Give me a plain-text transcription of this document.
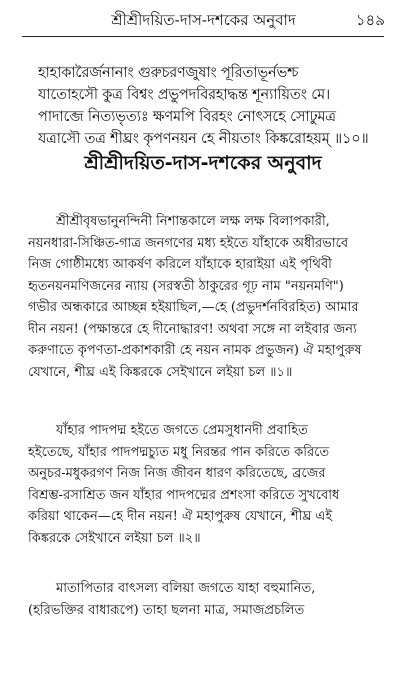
শ্রীশ্রীদয়িত-দাস-দশকের অনুবাদ	১৪৯
হাহাকারৈর্জনানাং গুরুচরণজুষাং পূরিতাভূর্নভশ্চ
যাতোহসৌ কুত্র বিশ্বং প্রভুপদবিরহাদ্ধন্ত শূন্যায়িতং মে।
পাদাব্জে নিত্যভৃত্যঃ ক্ষণমপি বিরহং নোৎসহে সোঢুমত্র
যত্রাসৌ তত্র শীঘ্রং কৃপণনয়ন হে নীয়তাং কিঙ্করোহয়ম্‌ ॥১০॥
শ্রীশ্রীদয়িত-দাস-দশকের অনুবাদ
শ্রীশ্রীবৃষভানুনন্দিনী নিশান্তকালে লক্ষ লক্ষ বিলাপকারী,
নয়নধারা-সিঞ্চিত-গাত্র জনগণের মধ্য হইতে যাঁহাকে অধীরভাবে
নিজ গোষ্ঠীমধ্যে আকর্ষণ করিলে যাঁহাকে হারাইয়া এই পৃথিবী
হৃতনয়নমণিজনের ন্যায় (সরস্বতী ঠাকুরের গূঢ় নাম "নয়নমণি")
গভীর অন্ধকারে আচ্ছন্ন হইয়াছিল,—হে (প্রভুদর্শনবিরহিত) আমার
দীন নয়ন! (পক্ষান্তরে হে দীনোদ্ধারণ! অথবা সঙ্গে না লইবার জন্য
করুণাতে কৃপণতা-প্রকাশকারী হে নয়ন নামক প্রভুজন) ঐ মহাপুরুষ
যেখানে, শীঘ্র এই কিঙ্করকে সেইখানে লইয়া চল ॥১॥
যাঁহার পাদপদ্ম হইতে জগতে প্রেমসুধানদী প্রবাহিত
হইতেছে, যাঁহার পাদপদ্মচ্যুত মধু নিরন্তর পান করিতে করিতে
অনুচর-মধুকরগণ নিজ নিজ জীবন ধারণ করিতেছে, ব্রজের
বিশ্রম্ভ-রসাশ্রিত জন যাঁহার পাদপদ্মের প্রশংসা করিতে সুখবোধ
করিয়া থাকেন—হে দীন নয়ন! ঐ মহাপুরুষ যেখানে, শীঘ্র এই
কিঙ্করকে সেইখানে লইয়া চল ॥২॥
মাতাপিতার বাৎসল্য বলিয়া জগতে যাহা বহুমানিত,
(হরিভক্তির বাধারূপে) তাহা ছলনা মাত্র, সমাজপ্রচলিত
